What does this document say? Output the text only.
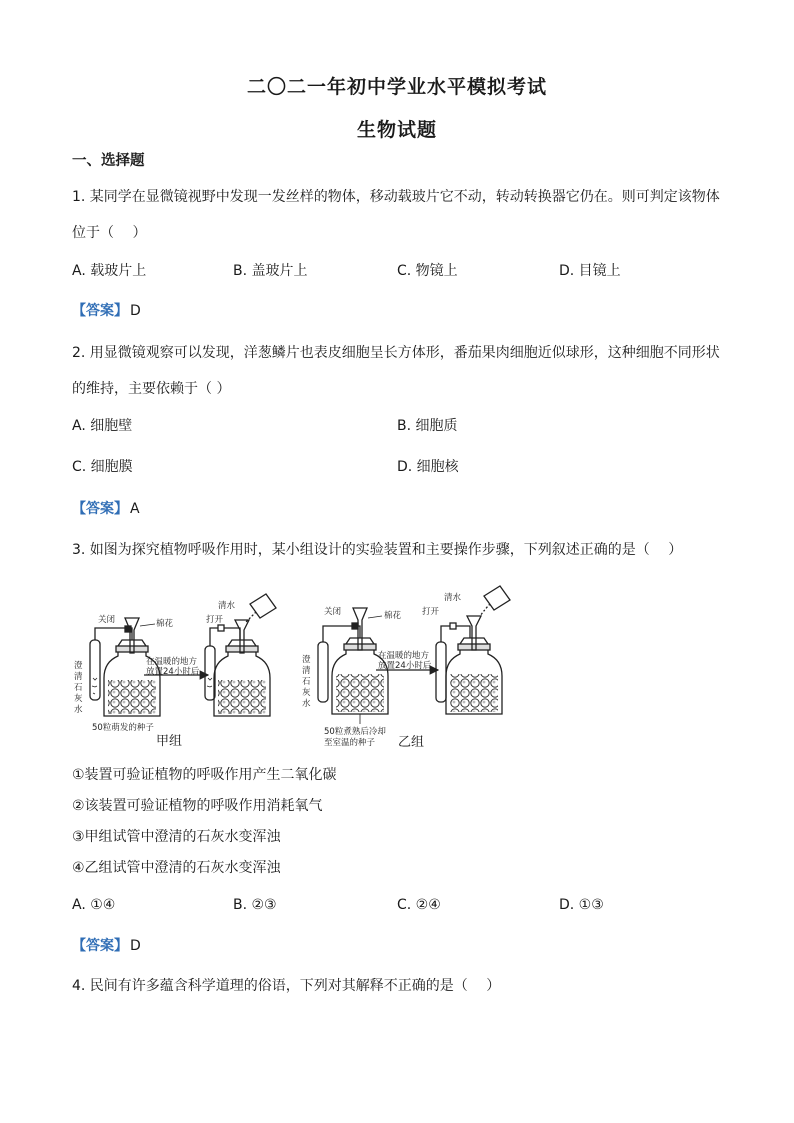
二〇二一年初中学业水平模拟考试
生物试题
一、选择题
1. 某同学在显微镜视野中发现一发丝样的物体，移动载玻片它不动，转动转换器它仍在。则可判定该物体
位于（　 ）
A. 载玻片上	B. 盖玻片上	C. 物镜上	D. 目镜上
【答案】 D
2. 用显微镜观察可以发现，洋葱鳞片也表皮细胞呈长方体形，番茄果肉细胞近似球形，这种细胞不同形状
的维持，主要依赖于（ ）
A. 细胞壁	B. 细胞质
C. 细胞膜	D. 细胞核
【答案】 A
3. 如图为探究植物呼吸作用时，某小组设计的实验装置和主要操作步骤，下列叙述正确的是（　 ）
关闭	棉花
澄清石灰水
在温暖的地方
放置24小时后
50粒萌发的种子
清水
打开
关闭	棉花
澄清石灰水
在温暖的地方
放置24小时后
50粒煮熟后冷却
至室温的种子
清水
打开
甲组	乙组
①装置可验证植物的呼吸作用产生二氧化碳
②该装置可验证植物的呼吸作用消耗氧气
③甲组试管中澄清的石灰水变浑浊
④乙组试管中澄清的石灰水变浑浊
A. ①④	B. ②③	C. ②④	D. ①③
【答案】 D
4. 民间有许多蕴含科学道理的俗语，下列对其解释不正确的是（　 ）
